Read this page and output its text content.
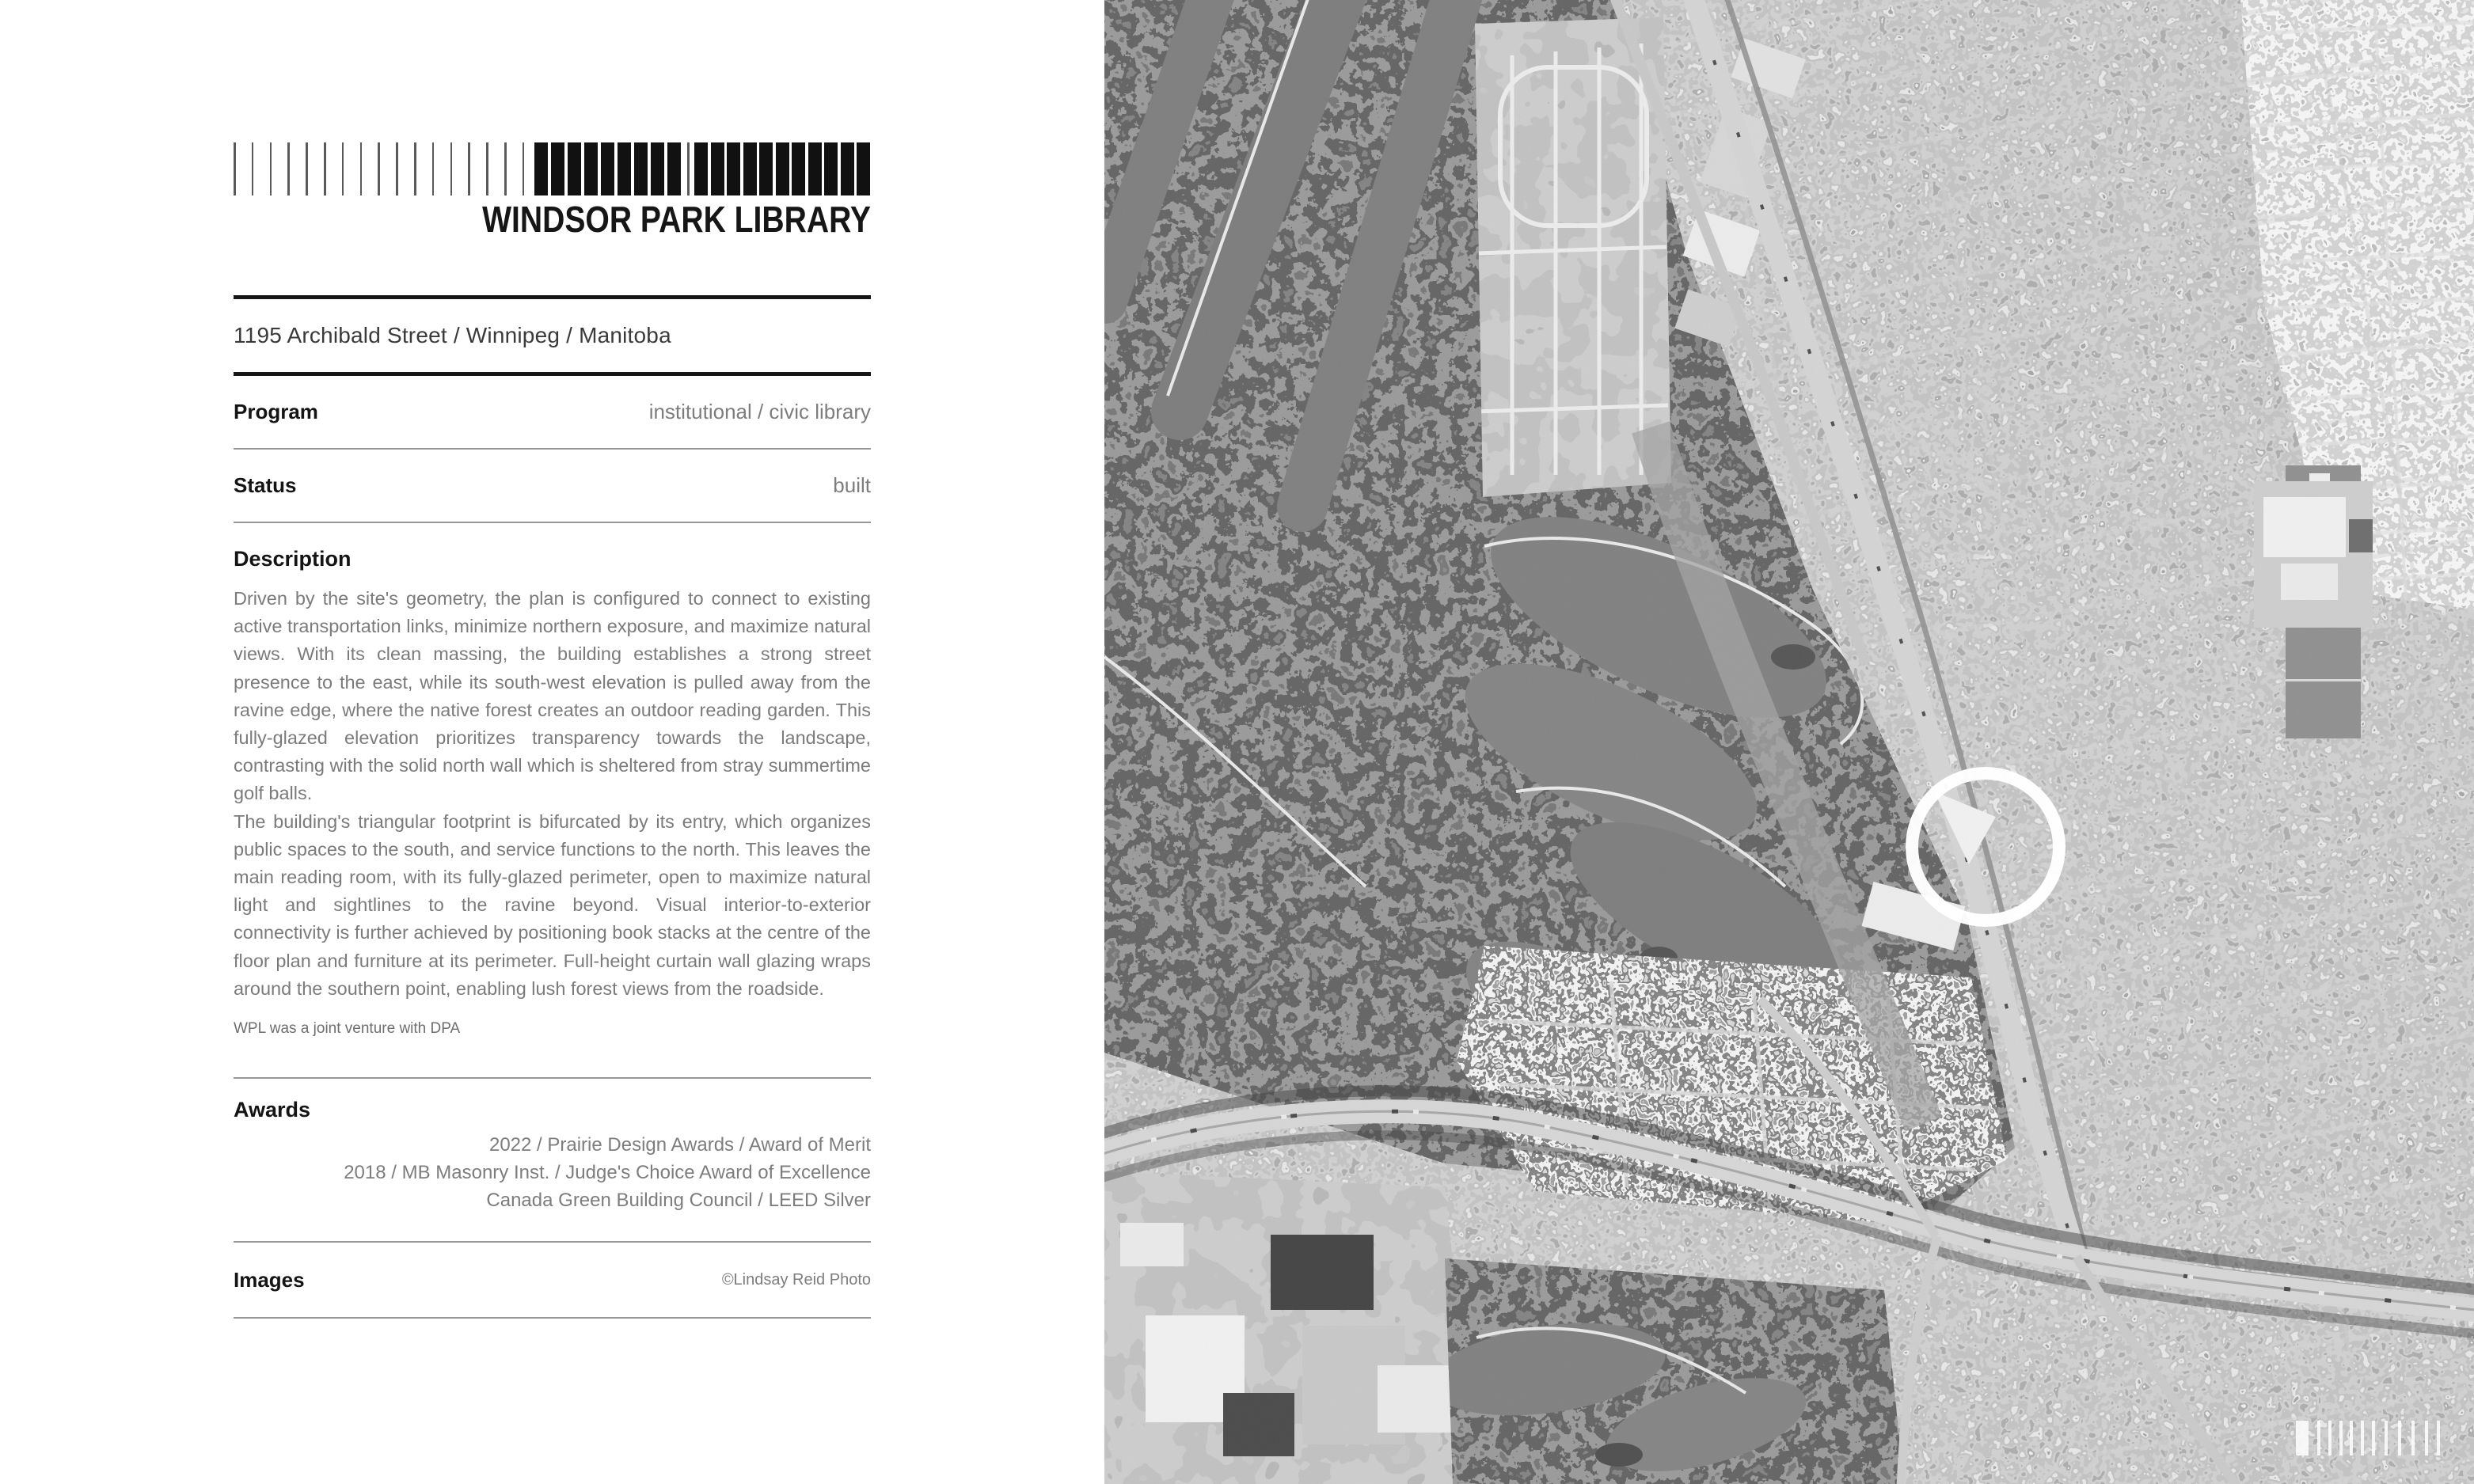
WINDSOR PARK LIBRARY
1195 Archibald Street / Winnipeg / Manitoba
Program	institutional / civic library
Status	built
Description

Driven by the site's geometry, the plan is configured to connect to existing active transportation links, minimize northern exposure, and maximize natural views. With its clean massing, the building establishes a strong street presence to the east, while its south-west elevation is pulled away from the ravine edge, where the native forest creates an outdoor reading garden. This fully-glazed elevation prioritizes transparency towards the landscape, contrasting with the solid north wall which is sheltered from stray summertime golf balls.

The building's triangular footprint is bifurcated by its entry, which organizes public spaces to the south, and service functions to the north. This leaves the main reading room, with its fully-glazed perimeter, open to maximize natural light and sightlines to the ravine beyond. Visual interior-to-exterior connectivity is further achieved by positioning book stacks at the centre of the floor plan and furniture at its perimeter. Full-height curtain wall glazing wraps around the southern point, enabling lush forest views from the roadside.

WPL was a joint venture with DPA
Awards
2022 / Prairie Design Awards / Award of Merit
2018 / MB Masonry Inst. / Judge's Choice Award of Excellence
Canada Green Building Council / LEED Silver
Images	©Lindsay Reid Photo
